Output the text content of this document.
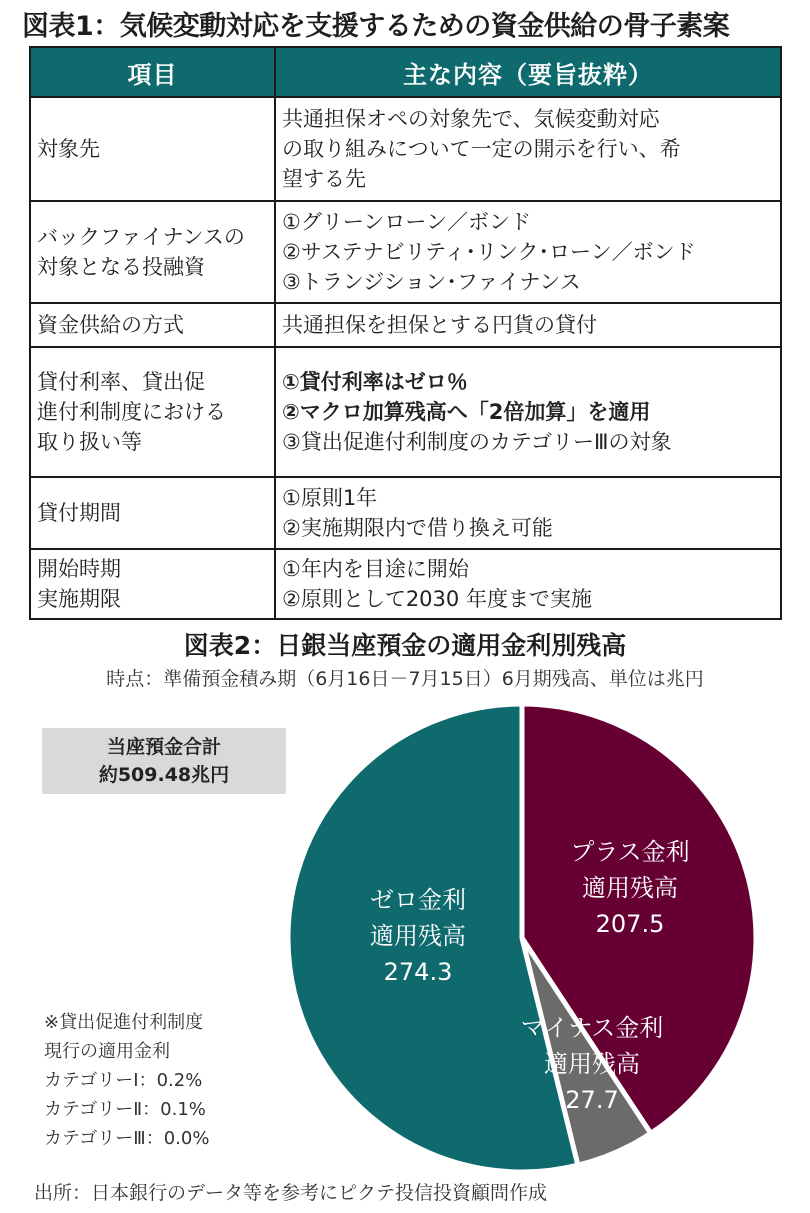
図表1：気候変動対応を支援するための資金供給の骨子素案
項目	主な内容（要旨抜粋）

対象先	共通担保オペの対象先で、気候変動対応
の取り組みについて一定の開示を行い、希
望する先

バックファイナンスの
対象となる投融資	①グリーンローン／ボンド
②サステナビリティ･リンク･ローン／ボンド
③トランジション･ファイナンス

資金供給の方式	共通担保を担保とする円貨の貸付

貸付利率、貸出促
進付利制度における
取り扱い等	①貸付利率はゼロ％
②マクロ加算残高へ「2倍加算」を適用
③貸出促進付利制度のカテゴリーⅢの対象

貸付期間	①原則1年
②実施期限内で借り換え可能

開始時期
実施期限	①年内を目途に開始
②原則として2030 年度まで実施
図表2：日銀当座預金の適用金利別残高
時点：準備預金積み期（6月16日－7月15日）6月期残高、単位は兆円
当座預金合計
約509.48兆円
プラス金利
適用残高
207.5
マイナス金利
適用残高
27.7
ゼロ金利
適用残高
274.3
※貸出促進付利制度
現行の適用金利
カテゴリーⅠ：0.2%
カテゴリーⅡ：0.1%
カテゴリーⅢ：0.0%
出所：日本銀行のデータ等を参考にピクテ投信投資顧問作成
